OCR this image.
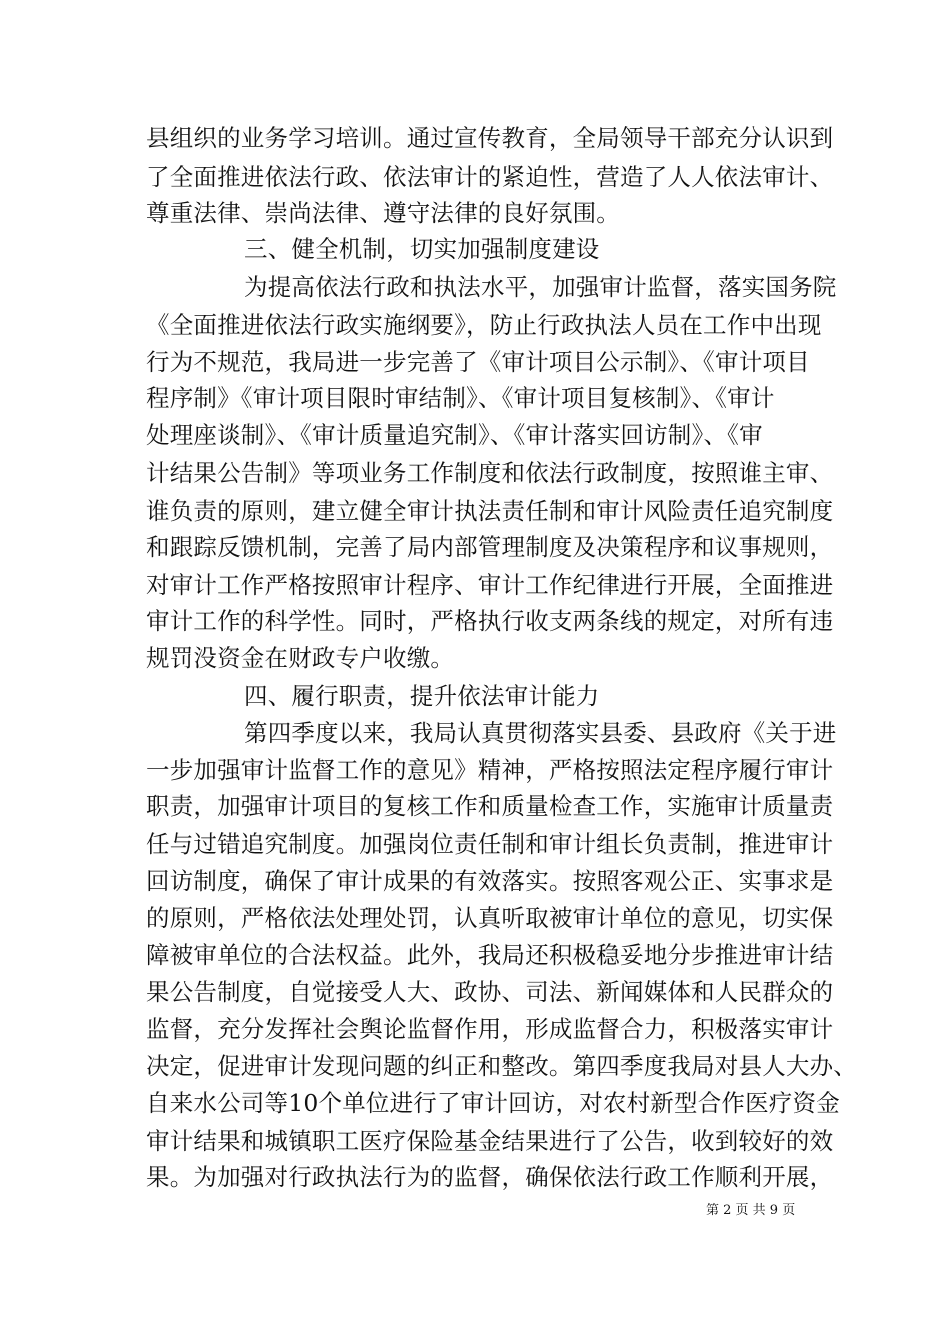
县组织的业务学习培训。通过宣传教育，全局领导干部充分认识到
了全面推进依法行政、依法审计的紧迫性，营造了人人依法审计、
尊重法律、崇尚法律、遵守法律的良好氛围。
三、健全机制，切实加强制度建设
为提高依法行政和执法水平，加强审计监督，落实国务院
《全面推进依法行政实施纲要》，防止行政执法人员在工作中出现
行为不规范，我局进一步完善了《审计项目公示制》、《审计项目
程序制》《审计项目限时审结制》、《审计项目复核制》、《审计
处理座谈制》、《审计质量追究制》、《审计落实回访制》、《审
计结果公告制》等项业务工作制度和依法行政制度，按照谁主审、
谁负责的原则，建立健全审计执法责任制和审计风险责任追究制度
和跟踪反馈机制，完善了局内部管理制度及决策程序和议事规则，
对审计工作严格按照审计程序、审计工作纪律进行开展，全面推进
审计工作的科学性。同时，严格执行收支两条线的规定，对所有违
规罚没资金在财政专户收缴。
四、履行职责，提升依法审计能力
第四季度以来，我局认真贯彻落实县委、县政府《关于进
一步加强审计监督工作的意见》精神，严格按照法定程序履行审计
职责，加强审计项目的复核工作和质量检查工作，实施审计质量责
任与过错追究制度。加强岗位责任制和审计组长负责制，推进审计
回访制度，确保了审计成果的有效落实。按照客观公正、实事求是
的原则，严格依法处理处罚，认真听取被审计单位的意见，切实保
障被审单位的合法权益。此外，我局还积极稳妥地分步推进审计结
果公告制度，自觉接受人大、政协、司法、新闻媒体和人民群众的
监督，充分发挥社会舆论监督作用，形成监督合力，积极落实审计
决定，促进审计发现问题的纠正和整改。第四季度我局对县人大办、
自来水公司等10个单位进行了审计回访，对农村新型合作医疗资金
审计结果和城镇职工医疗保险基金结果进行了公告，收到较好的效
果。为加强对行政执法行为的监督，确保依法行政工作顺利开展，
第 2 页 共 9 页
